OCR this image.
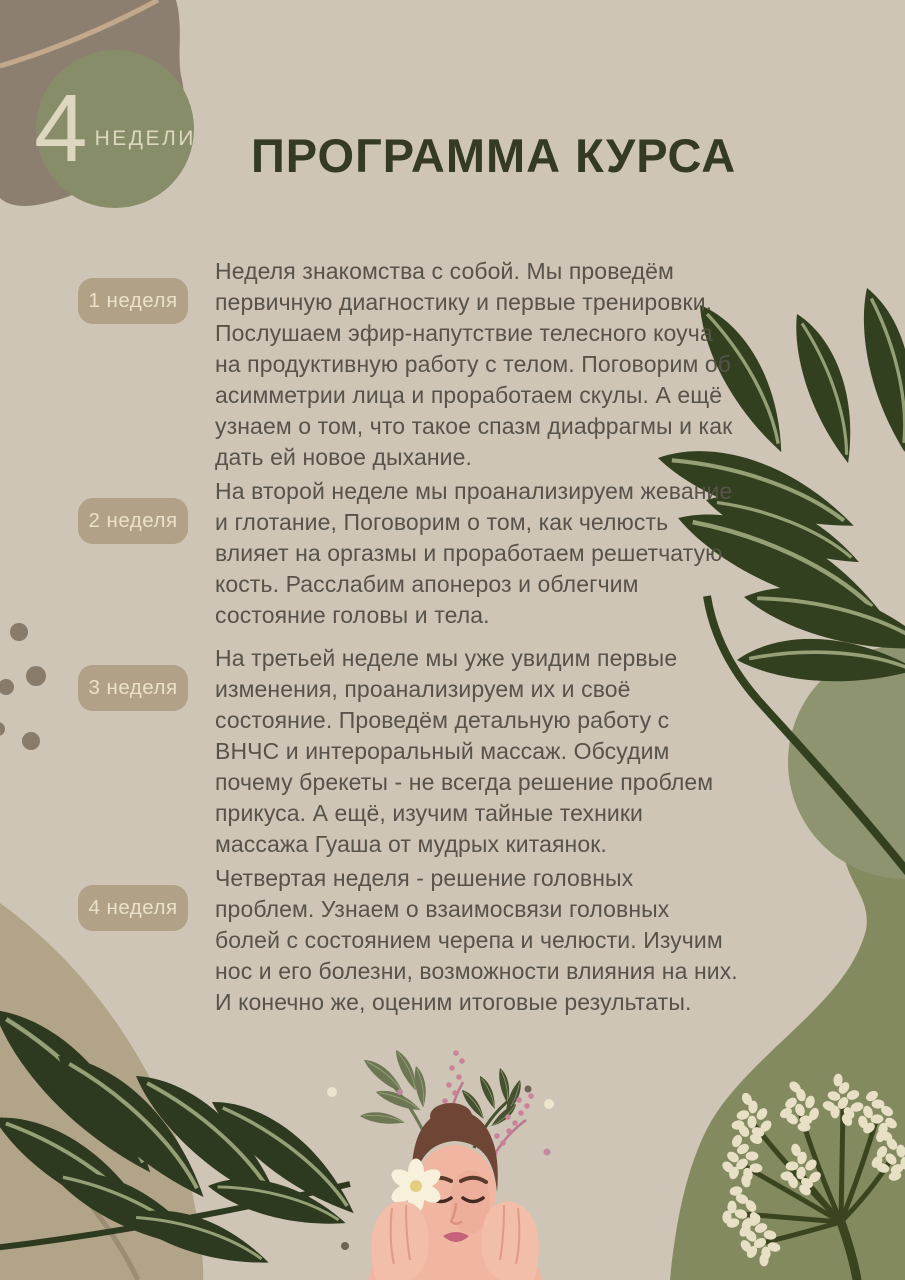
4 НЕДЕЛИ ПРОГРАММА КУРСА
1 неделя
Неделя знакомства с собой. Мы проведём первичную диагностику и первые тренировки. Послушаем эфир-напутствие телесного коуча на продуктивную работу с телом. Поговорим об асимметрии лица и проработаем скулы. А ещё узнаем о том, что такое спазм диафрагмы и как дать ей новое дыхание.
2 неделя
На второй неделе мы проанализируем жевание и глотание, Поговорим о том, как челюсть влияет на оргазмы и проработаем решетчатую кость. Расслабим апонероз и облегчим состояние головы и тела.
3 неделя
На третьей неделе мы уже увидим первые изменения, проанализируем их и своё состояние. Проведём детальную работу с ВНЧС и интероральный массаж. Обсудим почему брекеты - не всегда решение проблем прикуса. А ещё, изучим тайные техники массажа Гуаша от мудрых китаянок.
4 неделя
Четвертая неделя - решение головных проблем. Узнаем о взаимосвязи головных болей с состоянием черепа и челюсти. Изучим нос и его болезни, возможности влияния на них. И конечно же, оценим итоговые результаты.
